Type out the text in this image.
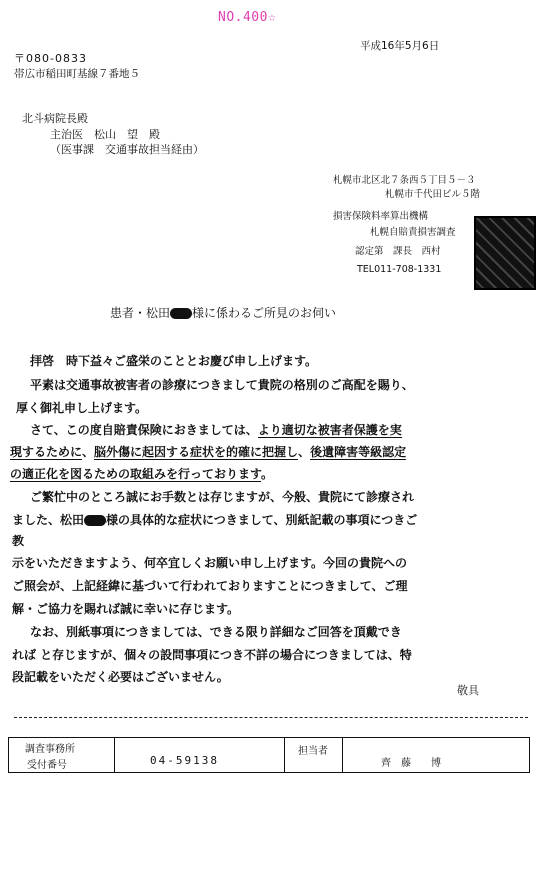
NO.400☆
平成16年5月6日
〒080-0833
帯広市稲田町基線７番地５
北斗病院長殿
主治医　松山　望　殿
（医事課　交通事故担当経由）
札幌市北区北７条西５丁目５－３
札幌市千代田ビル５階
損害保険料率算出機構
札幌自賠責損害調査
認定第　課長　西村
TEL011-708-1331
患者・松田 様に係わるご所見のお伺い
拝啓　時下益々ご盛栄のこととお慶び申し上げます。
平素は交通事故被害者の診療につきまして貴院の格別のご高配を賜り、
厚く御礼申し上げます。
さて、この度自賠責保険におきましては、より適切な被害者保護を実
現するために、脳外傷に起因する症状を的確に把握し、後遺障害等級認定
の適正化を図るための取組みを行っております。
ご繁忙中のところ誠にお手数とは存じますが、今般、貴院にて診療され
ました、松田 様の具体的な症状につきまして、別紙記載の事項につきご
教
示をいただきますよう、何卒宜しくお願い申し上げます。今回の貴院への
ご照会が、上記経緯に基づいて行われておりますことにつきまして、ご理
解・ご協力を賜れば誠に幸いに存じます。
なお、別紙事項につきましては、できる限り詳細なご回答を頂戴でき
れば と存じますが、個々の設問事項につき不詳の場合につきましては、特
段記載をいただく必要はございません。
敬具
調査事務所
受付番号	04-59138
担当者
齊　藤　　博
